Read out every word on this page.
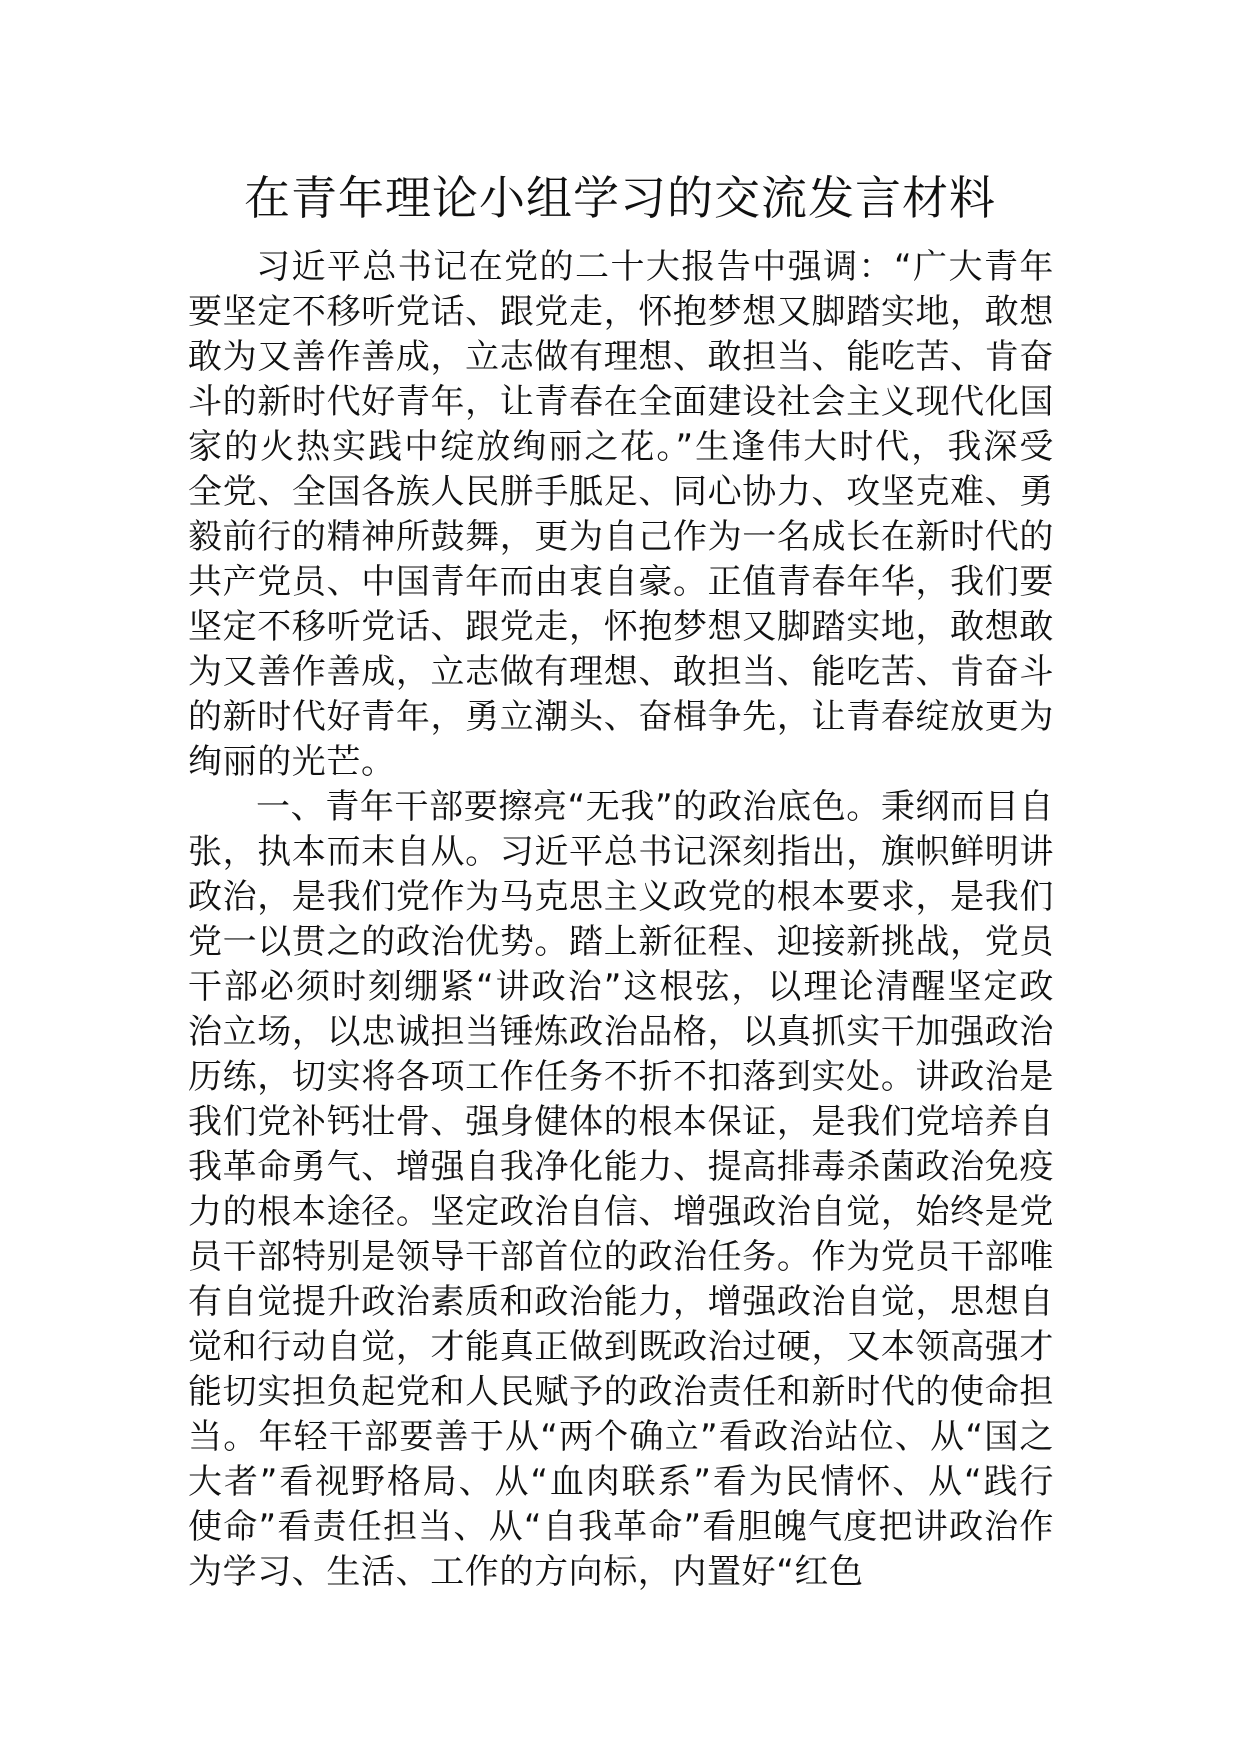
在青年理论小组学习的交流发言材料

习近平总书记在党的二十大报告中强调：“广大青年要坚定不移听党话、跟党走，怀抱梦想又脚踏实地，敢想敢为又善作善成，立志做有理想、敢担当、能吃苦、肯奋斗的新时代好青年，让青春在全面建设社会主义现代化国家的火热实践中绽放绚丽之花。”生逢伟大时代，我深受全党、全国各族人民胼手胝足、同心协力、攻坚克难、勇毅前行的精神所鼓舞，更为自己作为一名成长在新时代的共产党员、中国青年而由衷自豪。正值青春年华，我们要坚定不移听党话、跟党走，怀抱梦想又脚踏实地，敢想敢为又善作善成，立志做有理想、敢担当、能吃苦、肯奋斗的新时代好青年，勇立潮头、奋楫争先，让青春绽放更为绚丽的光芒。

一、青年干部要擦亮“无我”的政治底色。秉纲而目自张，执本而末自从。习近平总书记深刻指出，旗帜鲜明讲政治，是我们党作为马克思主义政党的根本要求，是我们党一以贯之的政治优势。踏上新征程、迎接新挑战，党员干部必须时刻绷紧“讲政治”这根弦，以理论清醒坚定政治立场，以忠诚担当锤炼政治品格，以真抓实干加强政治历练，切实将各项工作任务不折不扣落到实处。讲政治是我们党补钙壮骨、强身健体的根本保证，是我们党培养自我革命勇气、增强自我净化能力、提高排毒杀菌政治免疫力的根本途径。坚定政治自信、增强政治自觉，始终是党员干部特别是领导干部首位的政治任务。作为党员干部唯有自觉提升政治素质和政治能力，增强政治自觉，思想自觉和行动自觉，才能真正做到既政治过硬，又本领高强才能切实担负起党和人民赋予的政治责任和新时代的使命担当。年轻干部要善于从“两个确立”看政治站位、从“国之大者”看视野格局、从“血肉联系”看为民情怀、从“践行使命”看责任担当、从“自我革命”看胆魄气度把讲政治作为学习、生活、工作的方向标，内置好“红色
